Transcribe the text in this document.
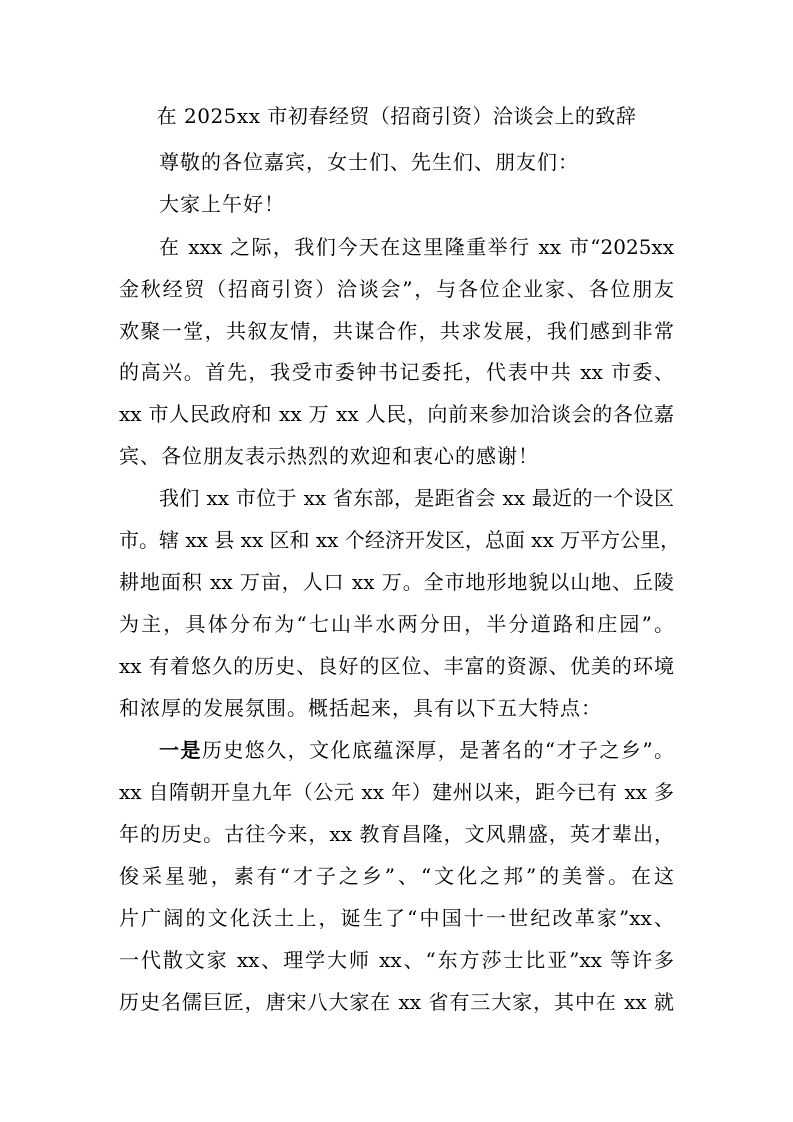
在 2025xx 市初春经贸（招商引资）洽谈会上的致辞
尊敬的各位嘉宾，女士们、先生们、朋友们：
大家上午好！
在 xxx 之际，我们今天在这里隆重举行 xx 市“2025xx
金秋经贸（招商引资）洽谈会”，与各位企业家、各位朋友
欢聚一堂，共叙友情，共谋合作，共求发展，我们感到非常
的高兴。首先，我受市委钟书记委托，代表中共 xx 市委、
xx 市人民政府和 xx 万 xx 人民，向前来参加洽谈会的各位嘉
宾、各位朋友表示热烈的欢迎和衷心的感谢！
我们 xx 市位于 xx 省东部，是距省会 xx 最近的一个设区
市。辖 xx 县 xx 区和 xx 个经济开发区，总面 xx 万平方公里，
耕地面积 xx 万亩，人口 xx 万。全市地形地貌以山地、丘陵
为主，具体分布为“七山半水两分田，半分道路和庄园”。
xx 有着悠久的历史、良好的区位、丰富的资源、优美的环境
和浓厚的发展氛围。概括起来，具有以下五大特点：
一是历史悠久，文化底蕴深厚，是著名的“才子之乡”。
xx 自隋朝开皇九年（公元 xx 年）建州以来，距今已有 xx 多
年的历史。古往今来，xx 教育昌隆，文风鼎盛，英才辈出，
俊采星驰，素有“才子之乡”、“文化之邦”的美誉。在这
片广阔的文化沃土上，诞生了“中国十一世纪改革家”xx、
一代散文家 xx、理学大师 xx、“东方莎士比亚”xx 等许多
历史名儒巨匠，唐宋八大家在 xx 省有三大家，其中在 xx 就
